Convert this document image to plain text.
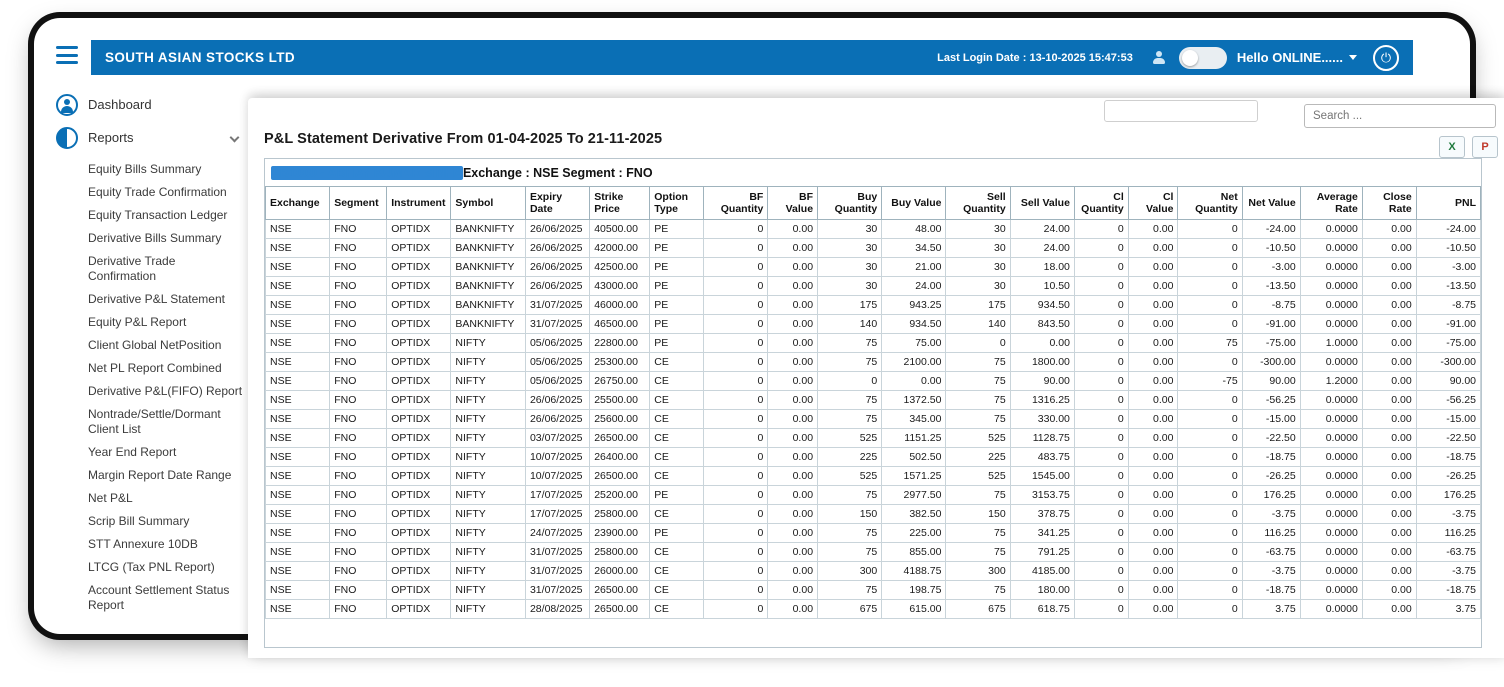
SOUTH ASIAN STOCKS LTD	Last Login Date : 13-10-2025 15:47:53	Hello ONLINE......	⏻
Dashboard
Reports
Equity Bills Summary
Equity Trade Confirmation
Equity Transaction Ledger
Derivative Bills Summary
Derivative Trade Confirmation
Derivative P&L Statement
Equity P&L Report
Client Global NetPosition
Net PL Report Combined
Derivative P&L(FIFO) Report
Nontrade/Settle/Dormant Client List
Year End Report
Margin Report Date Range
Net P&L
Scrip Bill Summary
STT Annexure 10DB
LTCG (Tax PNL Report)
Account Settlement Status Report
Search ...
P&L Statement Derivative From 01-04-2025 To 21-11-2025	X	P
AB1000 - ABHAY KUMAR SINHA Exchange : NSE Segment : FNO
Exchange	Segment	Instrument	Symbol	Expiry Date	Strike Price	Option Type	BF Quantity	BF Value	Buy Quantity	Buy Value	Sell Quantity	Sell Value	Cl Quantity	Cl Value	Net Quantity	Net Value	Average Rate	Close Rate	PNL
NSE	FNO	OPTIDX	BANKNIFTY	26/06/2025	40500.00	PE	0	0.00	30	48.00	30	24.00	0	0.00	0	-24.00	0.0000	0.00	-24.00
NSE	FNO	OPTIDX	BANKNIFTY	26/06/2025	42000.00	PE	0	0.00	30	34.50	30	24.00	0	0.00	0	-10.50	0.0000	0.00	-10.50
NSE	FNO	OPTIDX	BANKNIFTY	26/06/2025	42500.00	PE	0	0.00	30	21.00	30	18.00	0	0.00	0	-3.00	0.0000	0.00	-3.00
NSE	FNO	OPTIDX	BANKNIFTY	26/06/2025	43000.00	PE	0	0.00	30	24.00	30	10.50	0	0.00	0	-13.50	0.0000	0.00	-13.50
NSE	FNO	OPTIDX	BANKNIFTY	31/07/2025	46000.00	PE	0	0.00	175	943.25	175	934.50	0	0.00	0	-8.75	0.0000	0.00	-8.75
NSE	FNO	OPTIDX	BANKNIFTY	31/07/2025	46500.00	PE	0	0.00	140	934.50	140	843.50	0	0.00	0	-91.00	0.0000	0.00	-91.00
NSE	FNO	OPTIDX	NIFTY	05/06/2025	22800.00	PE	0	0.00	75	75.00	0	0.00	0	0.00	75	-75.00	1.0000	0.00	-75.00
NSE	FNO	OPTIDX	NIFTY	05/06/2025	25300.00	CE	0	0.00	75	2100.00	75	1800.00	0	0.00	0	-300.00	0.0000	0.00	-300.00
NSE	FNO	OPTIDX	NIFTY	05/06/2025	26750.00	CE	0	0.00	0	0.00	75	90.00	0	0.00	-75	90.00	1.2000	0.00	90.00
NSE	FNO	OPTIDX	NIFTY	26/06/2025	25500.00	CE	0	0.00	75	1372.50	75	1316.25	0	0.00	0	-56.25	0.0000	0.00	-56.25
NSE	FNO	OPTIDX	NIFTY	26/06/2025	25600.00	CE	0	0.00	75	345.00	75	330.00	0	0.00	0	-15.00	0.0000	0.00	-15.00
NSE	FNO	OPTIDX	NIFTY	03/07/2025	26500.00	CE	0	0.00	525	1151.25	525	1128.75	0	0.00	0	-22.50	0.0000	0.00	-22.50
NSE	FNO	OPTIDX	NIFTY	10/07/2025	26400.00	CE	0	0.00	225	502.50	225	483.75	0	0.00	0	-18.75	0.0000	0.00	-18.75
NSE	FNO	OPTIDX	NIFTY	10/07/2025	26500.00	CE	0	0.00	525	1571.25	525	1545.00	0	0.00	0	-26.25	0.0000	0.00	-26.25
NSE	FNO	OPTIDX	NIFTY	17/07/2025	25200.00	PE	0	0.00	75	2977.50	75	3153.75	0	0.00	0	176.25	0.0000	0.00	176.25
NSE	FNO	OPTIDX	NIFTY	17/07/2025	25800.00	CE	0	0.00	150	382.50	150	378.75	0	0.00	0	-3.75	0.0000	0.00	-3.75
NSE	FNO	OPTIDX	NIFTY	24/07/2025	23900.00	PE	0	0.00	75	225.00	75	341.25	0	0.00	0	116.25	0.0000	0.00	116.25
NSE	FNO	OPTIDX	NIFTY	31/07/2025	25800.00	CE	0	0.00	75	855.00	75	791.25	0	0.00	0	-63.75	0.0000	0.00	-63.75
NSE	FNO	OPTIDX	NIFTY	31/07/2025	26000.00	CE	0	0.00	300	4188.75	300	4185.00	0	0.00	0	-3.75	0.0000	0.00	-3.75
NSE	FNO	OPTIDX	NIFTY	31/07/2025	26500.00	CE	0	0.00	75	198.75	75	180.00	0	0.00	0	-18.75	0.0000	0.00	-18.75
NSE	FNO	OPTIDX	NIFTY	28/08/2025	26500.00	CE	0	0.00	675	615.00	675	618.75	0	0.00	0	3.75	0.0000	0.00	3.75
